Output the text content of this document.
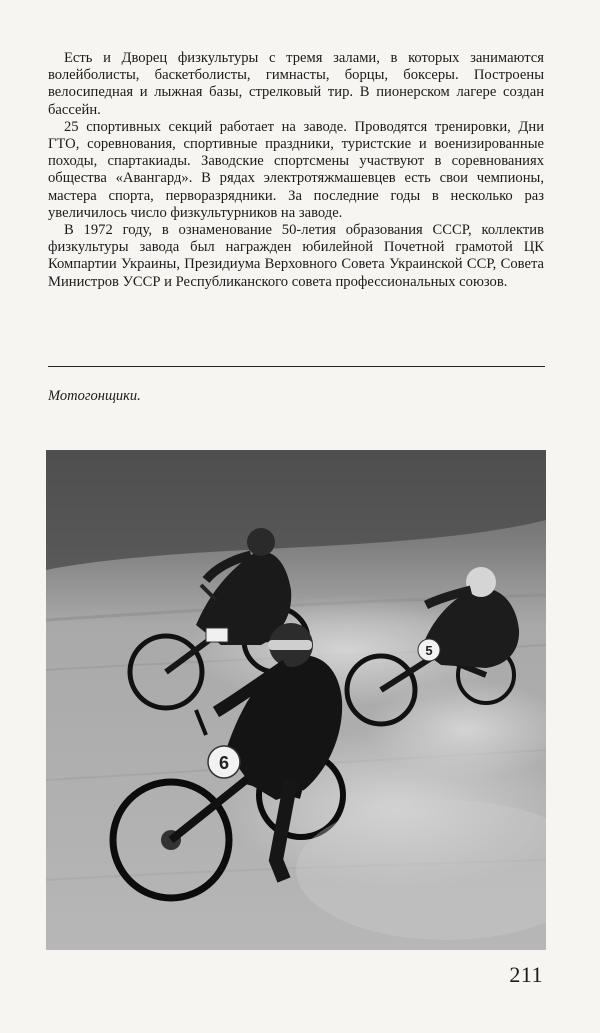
Есть и Дворец физкультуры с тремя залами, в которых занимаются волейболисты, баскетболисты, гимнасты, борцы, боксеры. Построены велосипедная и лыжная базы, стрелковый тир. В пионерском лагере создан бассейн.

25 спортивных секций работает на заводе. Проводятся тренировки, Дни ГТО, соревнования, спортивные праздники, туристские и военизированные походы, спартакиады. Заводские спортсмены участвуют в соревнованиях общества «Авангард». В рядах электротяжмашевцев есть свои чемпионы, мастера спорта, перворазрядники. За последние годы в несколько раз увеличилось число физкультурников на заводе.

В 1972 году, в ознаменование 50-летия образования СССР, коллектив физкультуры завода был награжден юбилейной Почетной грамотой ЦК Компартии Украины, Президиума Верховного Совета Украинской ССР, Совета Министров УССР и Республиканского совета профессиональных союзов.

Мотогонщики.
5
6
211
